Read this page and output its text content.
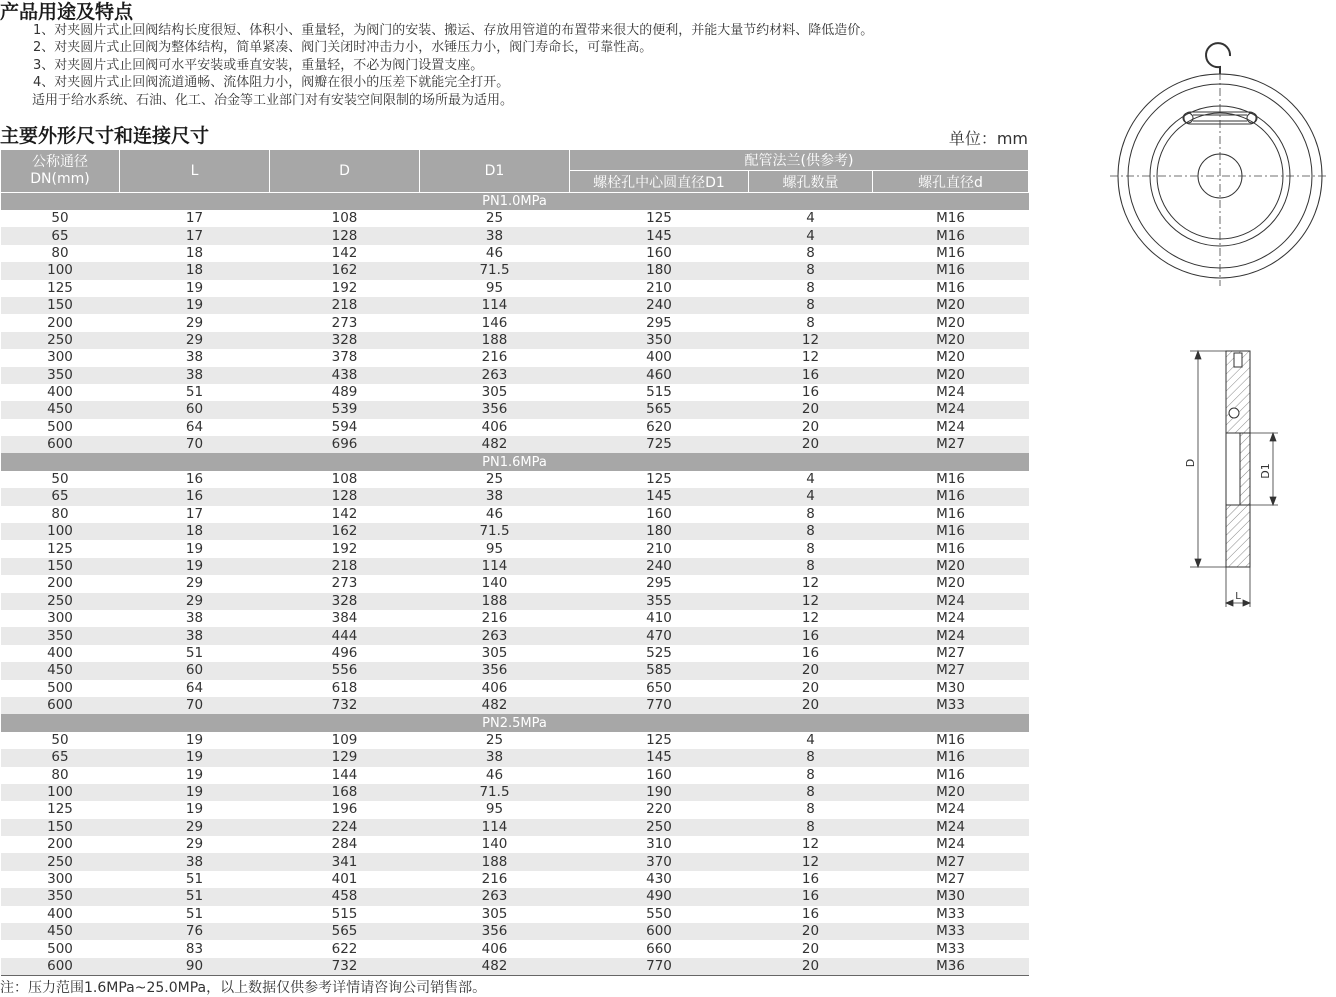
产品用途及特点
1、对夹圆片式止回阀结构长度很短、体积小、重量轻，为阀门的安装、搬运、存放用管道的布置带来很大的便利，并能大量节约材料、降低造价。
2、对夹圆片式止回阀为整体结构，简单紧凑、阀门关闭时冲击力小，水锤压力小，阀门寿命长，可靠性高。
3、对夹圆片式止回阀可水平安装或垂直安装，重量轻，不必为阀门设置支座。
4、对夹圆片式止回阀流道通畅、流体阻力小，阀瓣在很小的压差下就能完全打开。
适用于给水系统、石油、化工、冶金等工业部门对有安装空间限制的场所最为适用。
主要外形尺寸和连接尺寸	单位：mm
公称通径
DN(mm)	L	D	D1	配管法兰(供参考)		
				螺栓孔中心圆直径D1	螺孔数量	螺孔直径d
PN1.0MPa						
50	17	108	25	125	4	M16
65	17	128	38	145	4	M16
80	18	142	46	160	8	M16
100	18	162	71.5	180	8	M16
125	19	192	95	210	8	M16
150	19	218	114	240	8	M20
200	29	273	146	295	8	M20
250	29	328	188	350	12	M20
300	38	378	216	400	12	M20
350	38	438	263	460	16	M20
400	51	489	305	515	16	M24
450	60	539	356	565	20	M24
500	64	594	406	620	20	M24
600	70	696	482	725	20	M27
PN1.6MPa						
50	16	108	25	125	4	M16
65	16	128	38	145	4	M16
80	17	142	46	160	8	M16
100	18	162	71.5	180	8	M16
125	19	192	95	210	8	M16
150	19	218	114	240	8	M20
200	29	273	140	295	12	M20
250	29	328	188	355	12	M24
300	38	384	216	410	12	M24
350	38	444	263	470	16	M24
400	51	496	305	525	16	M27
450	60	556	356	585	20	M27
500	64	618	406	650	20	M30
600	70	732	482	770	20	M33
PN2.5MPa						
50	19	109	25	125	4	M16
65	19	129	38	145	8	M16
80	19	144	46	160	8	M16
100	19	168	71.5	190	8	M20
125	19	196	95	220	8	M24
150	29	224	114	250	8	M24
200	29	284	140	310	12	M24
250	38	341	188	370	12	M27
300	51	401	216	430	16	M27
350	51	458	263	490	16	M30
400	51	515	305	550	16	M33
450	76	565	356	600	20	M33
500	83	622	406	660	20	M33
600	90	732	482	770	20	M36
注：压力范围1.6MPa~25.0MPa，以上数据仅供参考详情请咨询公司销售部。
D
D1
L
